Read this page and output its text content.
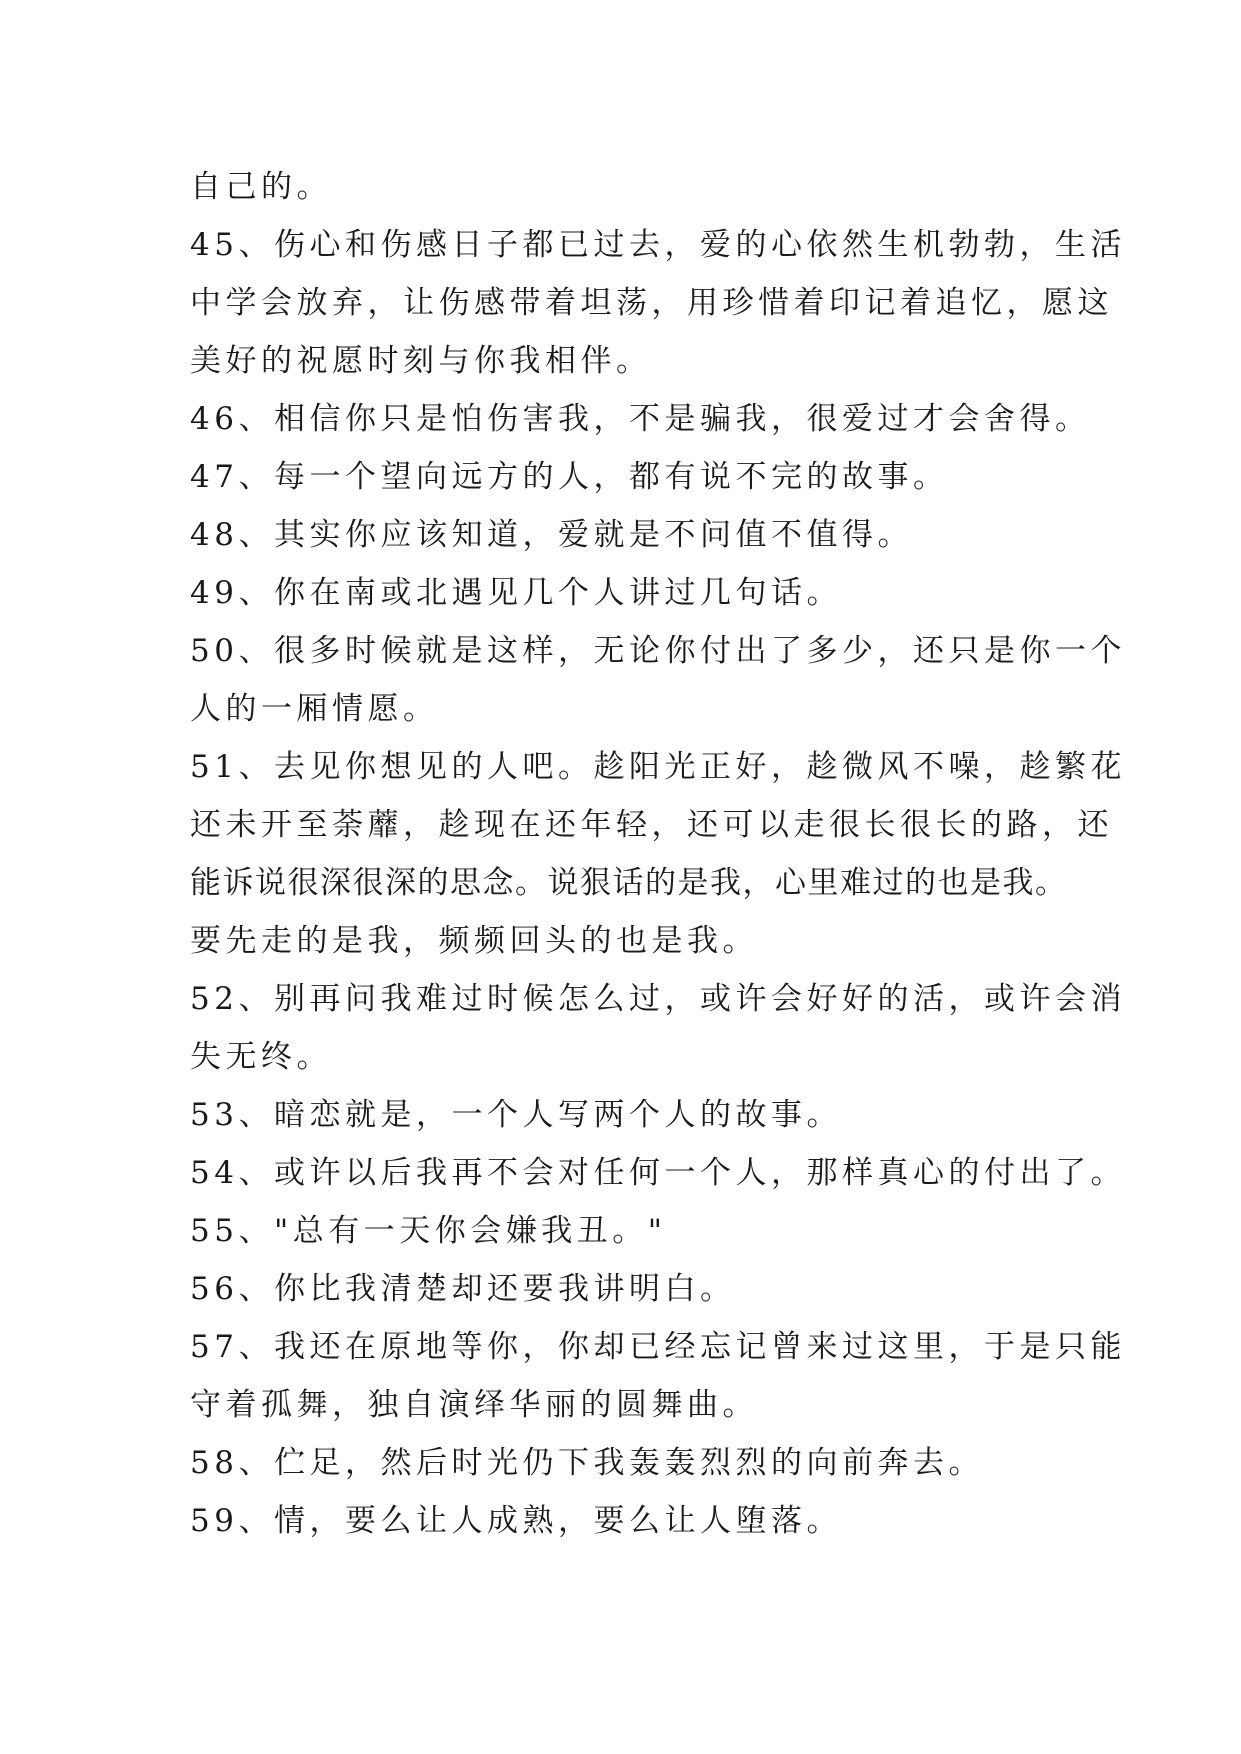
自己的。
45、伤心和伤感日子都已过去，爱的心依然生机勃勃，生活
中学会放弃，让伤感带着坦荡，用珍惜着印记着追忆，愿这
美好的祝愿时刻与你我相伴。
46、相信你只是怕伤害我，不是骗我，很爱过才会舍得。
47、每一个望向远方的人，都有说不完的故事。
48、其实你应该知道，爱就是不问值不值得。
49、你在南或北遇见几个人讲过几句话。
50、很多时候就是这样，无论你付出了多少，还只是你一个
人的一厢情愿。
51、去见你想见的人吧。趁阳光正好，趁微风不噪，趁繁花
还未开至荼蘼，趁现在还年轻，还可以走很长很长的路，还
能诉说很深很深的思念。说狠话的是我，心里难过的也是我。
要先走的是我，频频回头的也是我。
52、别再问我难过时候怎么过，或许会好好的活，或许会消
失无终。
53、暗恋就是，一个人写两个人的故事。
54、或许以后我再不会对任何一个人，那样真心的付出了。
55、"总有一天你会嫌我丑。"
56、你比我清楚却还要我讲明白。
57、我还在原地等你，你却已经忘记曾来过这里，于是只能
守着孤舞，独自演绎华丽的圆舞曲。
58、伫足，然后时光仍下我轰轰烈烈的向前奔去。
59、情，要么让人成熟，要么让人堕落。
